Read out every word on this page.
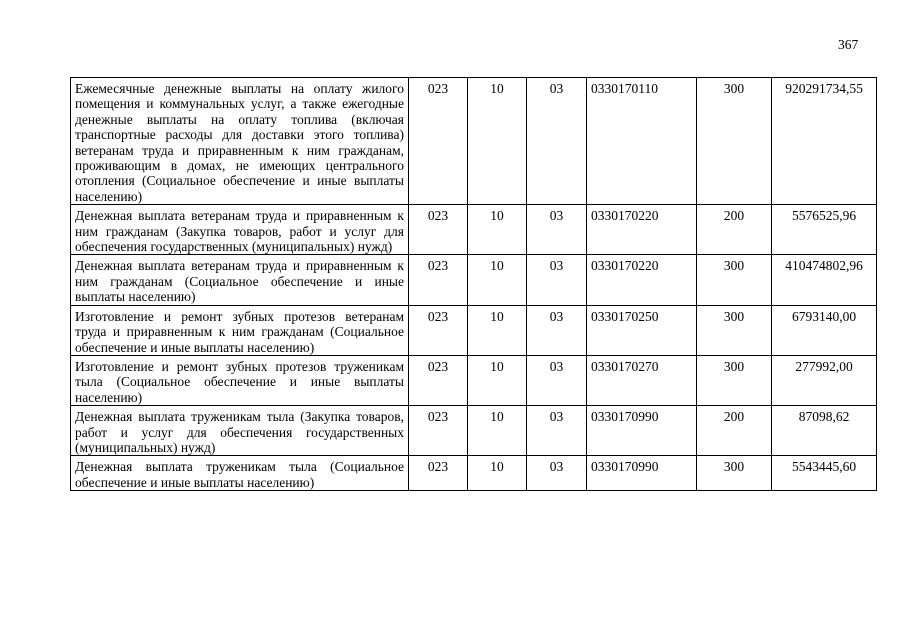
367
Ежемесячные денежные выплаты на оплату жилого помещения и коммунальных услуг, а также ежегодные денежные выплаты на оплату топлива (включая транспортные расходы для доставки этого топлива) ветеранам труда и приравненным к ним гражданам, проживающим в домах, не имеющих центрального отопления (Социальное обеспечение и иные выплаты населению)	023	10	03	0330170110	300	920291734,55
Денежная выплата ветеранам труда и приравненным к ним гражданам (Закупка товаров, работ и услуг для обеспечения государственных (муниципальных) нужд)	023	10	03	0330170220	200	5576525,96
Денежная выплата ветеранам труда и приравненным к ним гражданам (Социальное обеспечение и иные выплаты населению)	023	10	03	0330170220	300	410474802,96
Изготовление и ремонт зубных протезов ветеранам труда и приравненным к ним гражданам (Социальное обеспечение и иные выплаты населению)	023	10	03	0330170250	300	6793140,00
Изготовление и ремонт зубных протезов труженикам тыла (Социальное обеспечение и иные выплаты населению)	023	10	03	0330170270	300	277992,00
Денежная выплата труженикам тыла (Закупка товаров, работ и услуг для обеспечения государственных (муниципальных) нужд)	023	10	03	0330170990	200	87098,62
Денежная выплата труженикам тыла (Социальное обеспечение и иные выплаты населению)	023	10	03	0330170990	300	5543445,60
